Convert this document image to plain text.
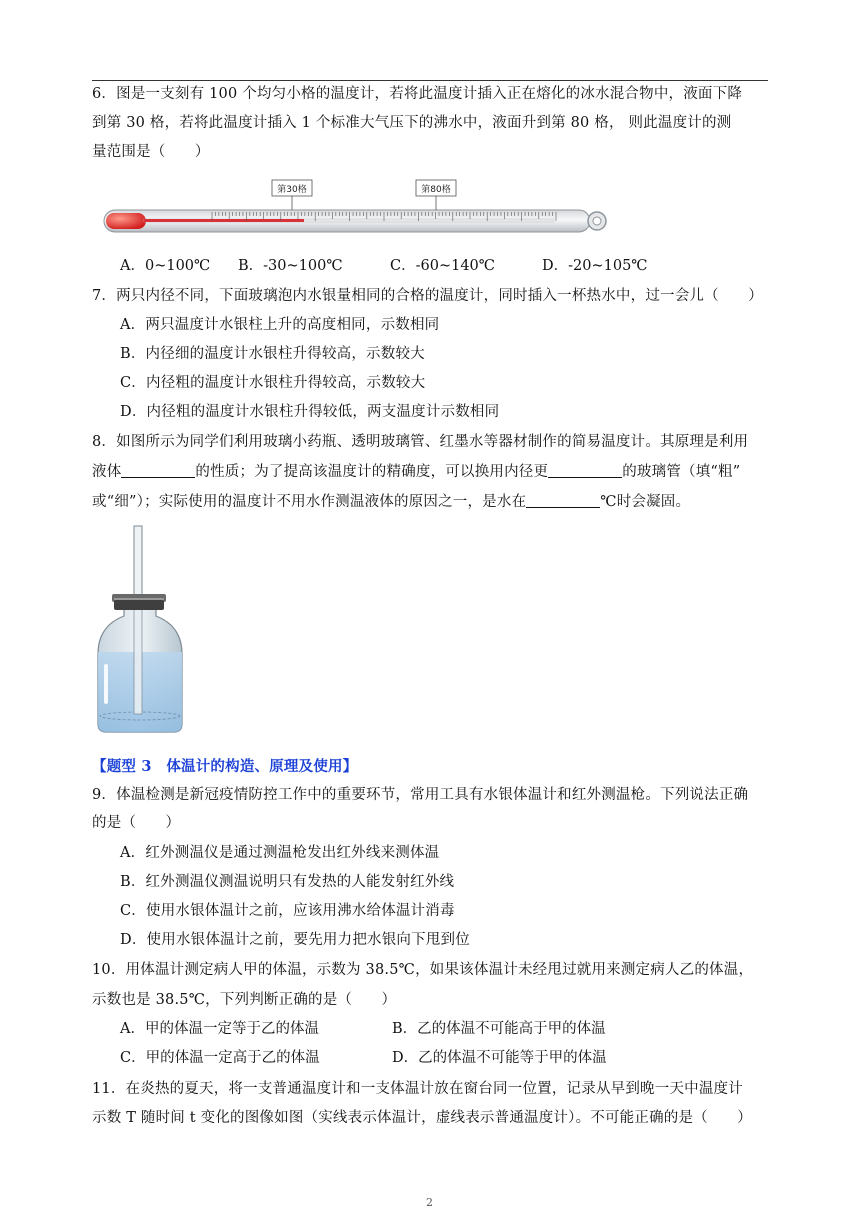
6．图是一支刻有 100 个均匀小格的温度计，若将此温度计插入正在熔化的冰水混合物中，液面下降
到第 30 格，若将此温度计插入 1 个标准大气压下的沸水中，液面升到第 80 格， 则此温度计的测
量范围是（　　）
第30格	第80格
A．0~100℃ B．-30~100℃	C．-60~140℃	D．-20~105℃
7．两只内径不同，下面玻璃泡内水银量相同的合格的温度计，同时插入一杯热水中，过一会儿（　　）
A．两只温度计水银柱上升的高度相同，示数相同
B．内径细的温度计水银柱升得较高，示数较大
C．内径粗的温度计水银柱升得较高，示数较大
D．内径粗的温度计水银柱升得较低，两支温度计示数相同
8．如图所示为同学们利用玻璃小药瓶、透明玻璃管、红墨水等器材制作的简易温度计。其原理是利用
液体	的性质；为了提高该温度计的精确度，可以换用内径更	的玻璃管（填“粗”
或“细”）；实际使用的温度计不用水作测温液体的原因之一，是水在	℃时会凝固。
【题型 3　体温计的构造、原理及使用】
9．体温检测是新冠疫情防控工作中的重要环节，常用工具有水银体温计和红外测温枪。下列说法正确
的是（　　）
A．红外测温仪是通过测温枪发出红外线来测体温
B．红外测温仪测温说明只有发热的人能发射红外线
C．使用水银体温计之前，应该用沸水给体温计消毒
D．使用水银体温计之前，要先用力把水银向下甩到位
10．用体温计测定病人甲的体温，示数为 38.5℃，如果该体温计未经甩过就用来测定病人乙的体温，
示数也是 38.5℃，下列判断正确的是（　　）
A．甲的体温一定等于乙的体温	B．乙的体温不可能高于甲的体温
C．甲的体温一定高于乙的体温	D．乙的体温不可能等于甲的体温
11．在炎热的夏天，将一支普通温度计和一支体温计放在窗台同一位置，记录从早到晚一天中温度计
示数 T 随时间 t 变化的图像如图（实线表示体温计，虚线表示普通温度计）。不可能正确的是（　　）
2
